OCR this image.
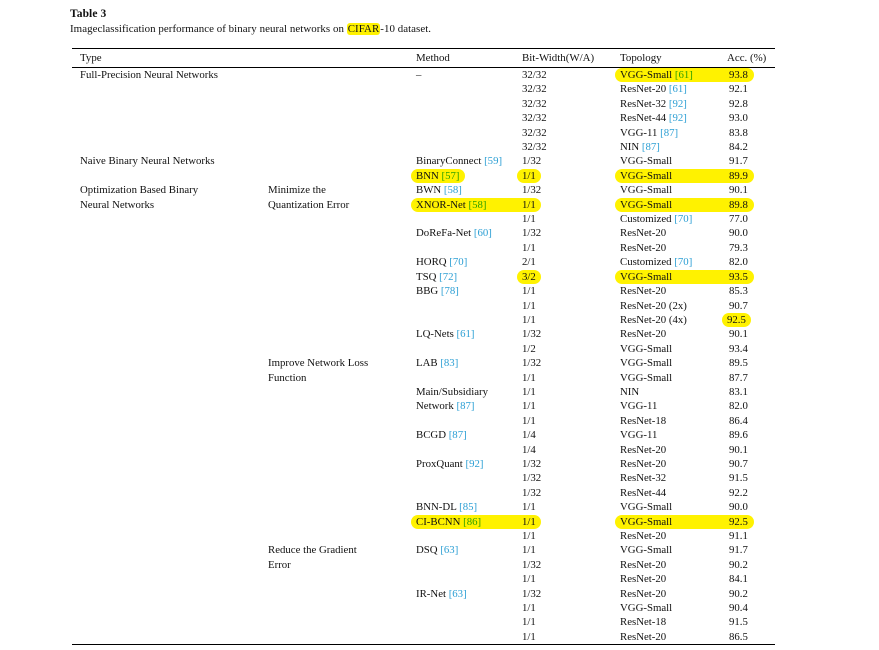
Table 3
Imageclassification performance of binary neural networks on CIFAR-10 dataset.
Type		Method	Bit-Width(W/A)	Topology	Acc. (%)
Full-Precision Neural Networks		–	32/32	VGG-Small [61]	93.8
			32/32	ResNet-20 [61]	92.1
			32/32	ResNet-32 [92]	92.8
			32/32	ResNet-44 [92]	93.0
			32/32	VGG-11 [87]	83.8
			32/32	NIN [87]	84.2
Naive Binary Neural Networks		BinaryConnect [59]	1/32	VGG-Small	91.7
		BNN [57]	1/1	VGG-Small	89.9
Optimization Based Binary	Minimize the	BWN [58]	1/32	VGG-Small	90.1
Neural Networks	Quantization Error	XNOR-Net [58]	1/1	VGG-Small	89.8
			1/1	Customized [70]	77.0
		DoReFa-Net [60]	1/32	ResNet-20	90.0
			1/1	ResNet-20	79.3
		HORQ [70]	2/1	Customized [70]	82.0
		TSQ [72]	3/2	VGG-Small	93.5
		BBG [78]	1/1	ResNet-20	85.3
			1/1	ResNet-20 (2x)	90.7
			1/1	ResNet-20 (4x)	92.5
		LQ-Nets [61]	1/32	ResNet-20	90.1
			1/2	VGG-Small	93.4
	Improve Network Loss	LAB [83]	1/32	VGG-Small	89.5
	Function		1/1	VGG-Small	87.7
		Main/Subsidiary	1/1	NIN	83.1
		Network [87]	1/1	VGG-11	82.0
			1/1	ResNet-18	86.4
		BCGD [87]	1/4	VGG-11	89.6
			1/4	ResNet-20	90.1
		ProxQuant [92]	1/32	ResNet-20	90.7
			1/32	ResNet-32	91.5
			1/32	ResNet-44	92.2
		BNN-DL [85]	1/1	VGG-Small	90.0
		CI-BCNN [86]	1/1	VGG-Small	92.5
			1/1	ResNet-20	91.1
	Reduce the Gradient	DSQ [63]	1/1	VGG-Small	91.7
	Error		1/32	ResNet-20	90.2
			1/1	ResNet-20	84.1
		IR-Net [63]	1/32	ResNet-20	90.2
			1/1	VGG-Small	90.4
			1/1	ResNet-18	91.5
			1/1	ResNet-20	86.5
